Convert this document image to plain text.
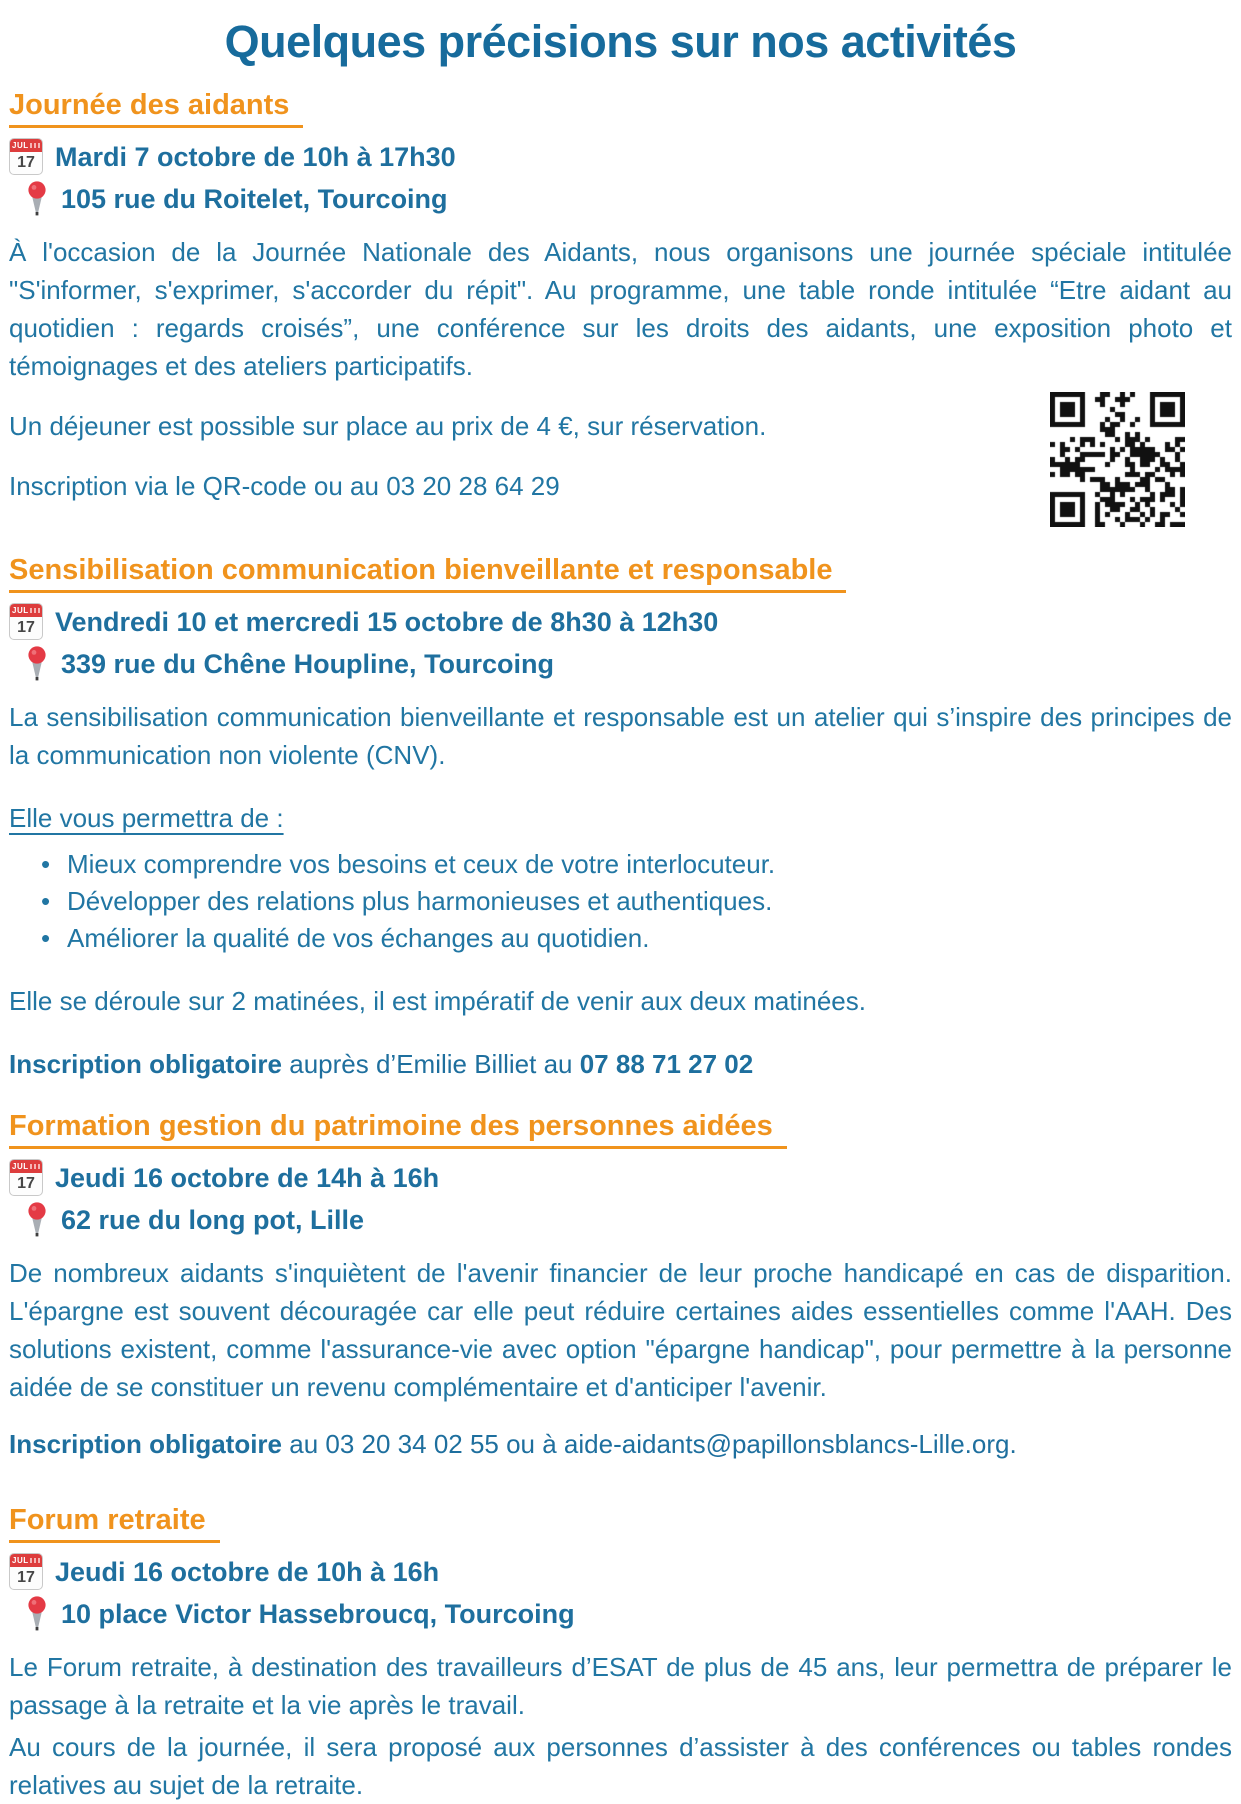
Quelques précisions sur nos activités
Journée des aidants
JUL
17 Mardi 7 octobre de 10h à 17h30
105 rue du Roitelet, Tourcoing

À l'occasion de la Journée Nationale des Aidants, nous organisons une journée spéciale intitulée "S'informer, s'exprimer, s'accorder du répit". Au programme, une table ronde intitulée “Etre aidant au quotidien : regards croisés”, une conférence sur les droits des aidants, une exposition photo et témoignages et des ateliers participatifs.

Un déjeuner est possible sur place au prix de 4 €, sur réservation.

Inscription via le QR-code ou au 03 20 28 64 29

Sensibilisation communication bienveillante et responsable
JUL
17 Vendredi 10 et mercredi 15 octobre de 8h30 à 12h30
339 rue du Chêne Houpline, Tourcoing

La sensibilisation communication bienveillante et responsable est un atelier qui s’inspire des principes de la communication non violente (CNV).

Elle vous permettra de :

• Mieux comprendre vos besoins et ceux de votre interlocuteur.
• Développer des relations plus harmonieuses et authentiques.
• Améliorer la qualité de vos échanges au quotidien.

Elle se déroule sur 2 matinées, il est impératif de venir aux deux matinées.

Inscription obligatoire auprès d’Emilie Billiet au 07 88 71 27 02

Formation gestion du patrimoine des personnes aidées
JUL
17 Jeudi 16 octobre de 14h à 16h
62 rue du long pot, Lille

De nombreux aidants s'inquiètent de l'avenir financier de leur proche handicapé en cas de disparition. L'épargne est souvent découragée car elle peut réduire certaines aides essentielles comme l'AAH. Des solutions existent, comme l'assurance-vie avec option "épargne handicap", pour permettre à la personne aidée de se constituer un revenu complémentaire et d'anticiper l'avenir.

Inscription obligatoire au 03 20 34 02 55 ou à aide-aidants@papillonsblancs-Lille.org.

Forum retraite
JUL
17 Jeudi 16 octobre de 10h à 16h
10 place Victor Hassebroucq, Tourcoing

Le Forum retraite, à destination des travailleurs d’ESAT de plus de 45 ans, leur permettra de préparer le passage à la retraite et la vie après le travail.

Au cours de la journée, il sera proposé aux personnes d’assister à des conférences ou tables rondes relatives au sujet de la retraite.
